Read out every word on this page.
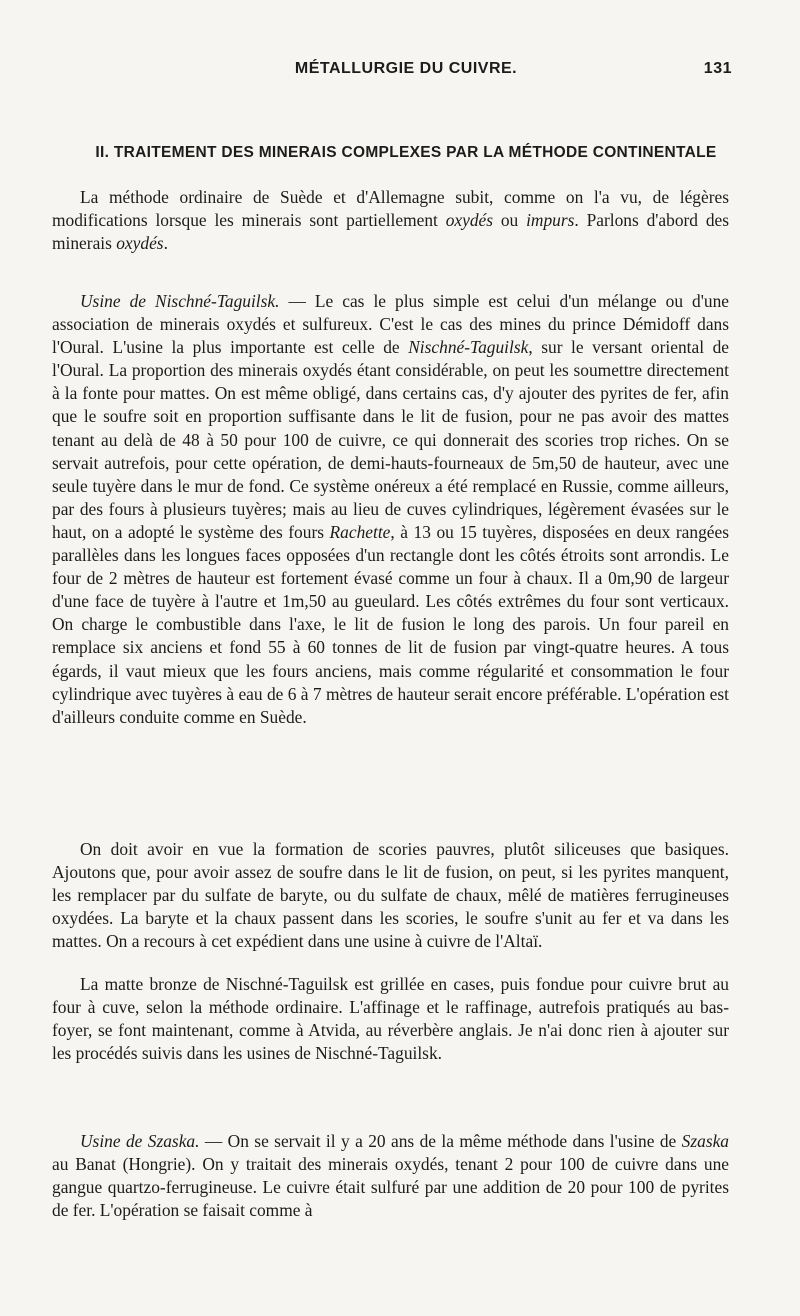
MÉTALLURGIE DU CUIVRE.	131
II. TRAITEMENT DES MINERAIS COMPLEXES PAR LA MÉTHODE CONTINENTALE

La méthode ordinaire de Suède et d'Allemagne subit, comme on l'a vu, de légères modifications lorsque les minerais sont partiellement oxydés ou impurs. Parlons d'abord des minerais oxydés.

Usine de Nischné-Taguilsk. — Le cas le plus simple est celui d'un mélange ou d'une association de minerais oxydés et sulfureux. C'est le cas des mines du prince Démidoff dans l'Oural. L'usine la plus importante est celle de Nischné-Taguilsk, sur le versant oriental de l'Oural. La proportion des minerais oxydés étant considérable, on peut les soumettre directement à la fonte pour mattes. On est même obligé, dans certains cas, d'y ajouter des pyrites de fer, afin que le soufre soit en proportion suffisante dans le lit de fusion, pour ne pas avoir des mattes tenant au delà de 48 à 50 pour 100 de cuivre, ce qui donnerait des scories trop riches. On se servait autrefois, pour cette opération, de demi-hauts-fourneaux de 5m,50 de hauteur, avec une seule tuyère dans le mur de fond. Ce système onéreux a été remplacé en Russie, comme ailleurs, par des fours à plusieurs tuyères; mais au lieu de cuves cylindriques, légèrement évasées sur le haut, on a adopté le système des fours Rachette, à 13 ou 15 tuyères, disposées en deux rangées parallèles dans les longues faces opposées d'un rectangle dont les côtés étroits sont arrondis. Le four de 2 mètres de hauteur est fortement évasé comme un four à chaux. Il a 0m,90 de largeur d'une face de tuyère à l'autre et 1m,50 au gueulard. Les côtés extrêmes du four sont verticaux. On charge le combustible dans l'axe, le lit de fusion le long des parois. Un four pareil en remplace six anciens et fond 55 à 60 tonnes de lit de fusion par vingt-quatre heures. A tous égards, il vaut mieux que les fours anciens, mais comme régularité et consommation le four cylindrique avec tuyères à eau de 6 à 7 mètres de hauteur serait encore préférable. L'opération est d'ailleurs conduite comme en Suède.

On doit avoir en vue la formation de scories pauvres, plutôt siliceuses que basiques. Ajoutons que, pour avoir assez de soufre dans le lit de fusion, on peut, si les pyrites manquent, les remplacer par du sulfate de baryte, ou du sulfate de chaux, mêlé de matières ferrugineuses oxydées. La baryte et la chaux passent dans les scories, le soufre s'unit au fer et va dans les mattes. On a recours à cet expédient dans une usine à cuivre de l'Altaï.

La matte bronze de Nischné-Taguilsk est grillée en cases, puis fondue pour cuivre brut au four à cuve, selon la méthode ordinaire. L'affinage et le raffinage, autrefois pratiqués au bas-foyer, se font maintenant, comme à Atvida, au réverbère anglais. Je n'ai donc rien à ajouter sur les procédés suivis dans les usines de Nischné-Taguilsk.

Usine de Szaska. — On se servait il y a 20 ans de la même méthode dans l'usine de Szaska au Banat (Hongrie). On y traitait des minerais oxydés, tenant 2 pour 100 de cuivre dans une gangue quartzo-ferrugineuse. Le cuivre était sulfuré par une addition de 20 pour 100 de pyrites de fer. L'opération se faisait comme à
